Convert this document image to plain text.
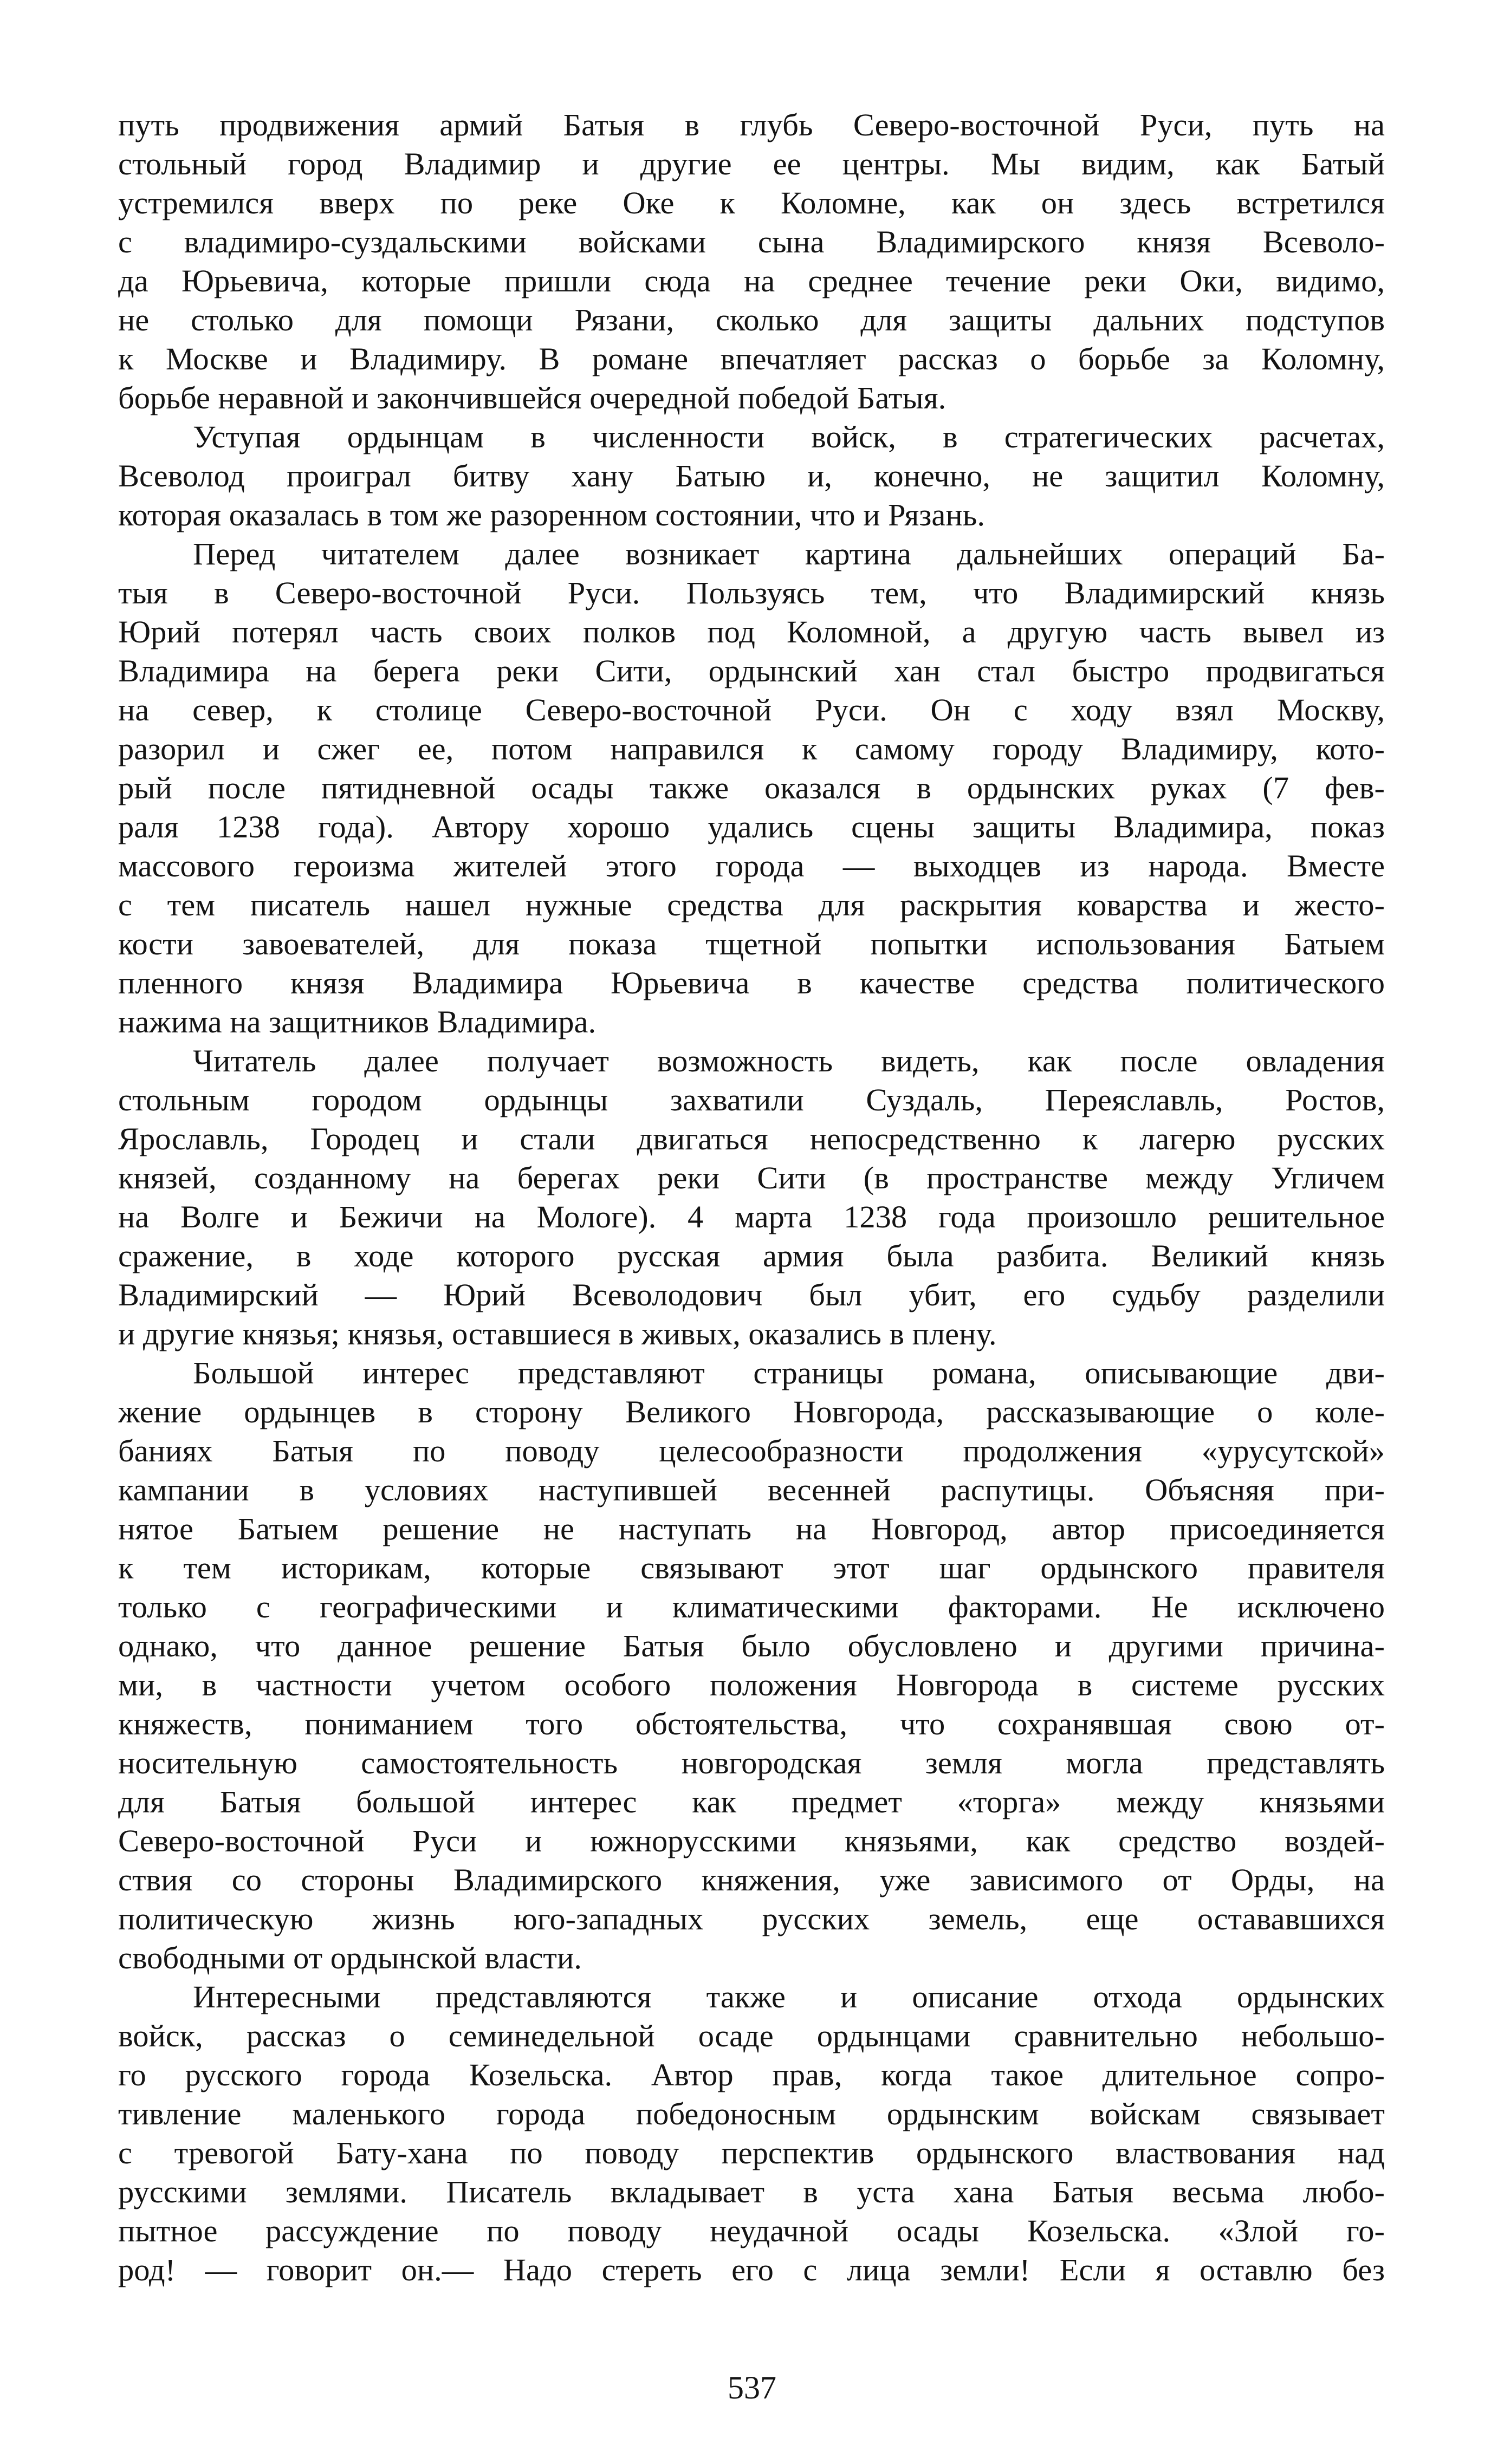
путь продвижения армий Батыя в глубь Северо-восточной Руси, путь на
стольный город Владимир и другие ее центры. Мы видим, как Батый
устремился вверх по реке Оке к Коломне, как он здесь встретился
с владимиро-суздальскими войсками сына Владимирского князя Всеволо-
да Юрьевича, которые пришли сюда на среднее течение реки Оки, видимо,
не столько для помощи Рязани, сколько для защиты дальних подступов
к Москве и Владимиру. В романе впечатляет рассказ о борьбе за Коломну,
борьбе неравной и закончившейся очередной победой Батыя.
Уступая ордынцам в численности войск, в стратегических расчетах,
Всеволод проиграл битву хану Батыю и, конечно, не защитил Коломну,
которая оказалась в том же разоренном состоянии, что и Рязань.
Перед читателем далее возникает картина дальнейших операций Ба-
тыя в Северо-восточной Руси. Пользуясь тем, что Владимирский князь
Юрий потерял часть своих полков под Коломной, а другую часть вывел из
Владимира на берега реки Сити, ордынский хан стал быстро продвигаться
на север, к столице Северо-восточной Руси. Он с ходу взял Москву,
разорил и сжег ее, потом направился к самому городу Владимиру, кото-
рый после пятидневной осады также оказался в ордынских руках (7 фев-
раля 1238 года). Автору хорошо удались сцены защиты Владимира, показ
массового героизма жителей этого города — выходцев из народа. Вместе
с тем писатель нашел нужные средства для раскрытия коварства и жесто-
кости завоевателей, для показа тщетной попытки использования Батыем
пленного князя Владимира Юрьевича в качестве средства политического
нажима на защитников Владимира.
Читатель далее получает возможность видеть, как после овладения
стольным городом ордынцы захватили Суздаль, Переяславль, Ростов,
Ярославль, Городец и стали двигаться непосредственно к лагерю русских
князей, созданному на берегах реки Сити (в пространстве между Угличем
на Волге и Бежичи на Мологе). 4 марта 1238 года произошло решительное
сражение, в ходе которого русская армия была разбита. Великий князь
Владимирский — Юрий Всеволодович был убит, его судьбу разделили
и другие князья; князья, оставшиеся в живых, оказались в плену.
Большой интерес представляют страницы романа, описывающие дви-
жение ордынцев в сторону Великого Новгорода, рассказывающие о коле-
баниях Батыя по поводу целесообразности продолжения «урусутской»
кампании в условиях наступившей весенней распутицы. Объясняя при-
нятое Батыем решение не наступать на Новгород, автор присоединяется
к тем историкам, которые связывают этот шаг ордынского правителя
только с географическими и климатическими факторами. Не исключено
однако, что данное решение Батыя было обусловлено и другими причина-
ми, в частности учетом особого положения Новгорода в системе русских
княжеств, пониманием того обстоятельства, что сохранявшая свою от-
носительную самостоятельность новгородская земля могла представлять
для Батыя большой интерес как предмет «торга» между князьями
Северо-восточной Руси и южнорусскими князьями, как средство воздей-
ствия со стороны Владимирского княжения, уже зависимого от Орды, на
политическую жизнь юго-западных русских земель, еще остававшихся
свободными от ордынской власти.
Интересными представляются также и описание отхода ордынских
войск, рассказ о семинедельной осаде ордынцами сравнительно небольшо-
го русского города Козельска. Автор прав, когда такое длительное сопро-
тивление маленького города победоносным ордынским войскам связывает
с тревогой Бату-хана по поводу перспектив ордынского властвования над
русскими землями. Писатель вкладывает в уста хана Батыя весьма любо-
пытное рассуждение по поводу неудачной осады Козельска. «Злой го-
род! — говорит он.— Надо стереть его с лица земли! Если я оставлю без
537
